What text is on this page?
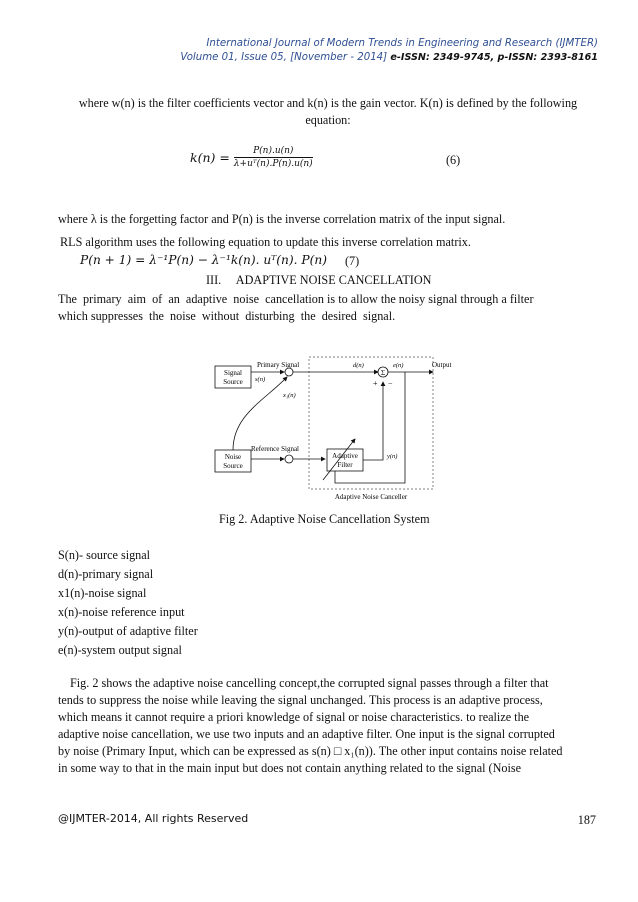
International Journal of Modern Trends in Engineering and Research (IJMTER)
Volume 01, Issue 05, [November - 2014] e-ISSN: 2349-9745, p-ISSN: 2393-8161
where w(n) is the filter coefficients vector and k(n) is the gain vector. K(n) is defined by the following
equation:
$k(n) = \frac{P(n).u(n)}{\text{λ+uᵀ(n).P(n).u(n)}}$	(6)
where λ is the forgetting factor and P(n) is the inverse correlation matrix of the input signal.
RLS algorithm uses the following equation to update this inverse correlation matrix.
P(n + 1) = λ⁻¹P(n) − λ⁻¹k(n). uᵀ(n). P(n) (7)
III.     ADAPTIVE NOISE CANCELLATION
The  primary  aim  of  an  adaptive  noise  cancellation is to allow the noisy signal through a filter
which suppresses  the  noise  without  disturbing  the  desired  signal.
Signal
Source
Noise
Source
Primary Signal
s(n)
x₁(n)
Reference Signal
Adaptive
Filter
Σ
d(n)
+ −
e(n)	Output
y(n)
Adaptive Noise Canceller
Fig 2. Adaptive Noise Cancellation System
S(n)- source signal
d(n)-primary signal
x1(n)-noise signal
x(n)-noise reference input
y(n)-output of adaptive filter
e(n)-system output signal
Fig. 2 shows the adaptive noise cancelling concept,the corrupted signal passes through a filter that
tends to suppress the noise while leaving the signal unchanged. This process is an adaptive process,
which means it cannot require a priori knowledge of signal or noise characteristics. to realize the
adaptive noise cancellation, we use two inputs and an adaptive filter. One input is the signal corrupted
by noise (Primary Input, which can be expressed as s(n) □ x₁(n)). The other input contains noise related
in some way to that in the main input but does not contain anything related to the signal (Noise
@IJMTER-2014, All rights Reserved	187
